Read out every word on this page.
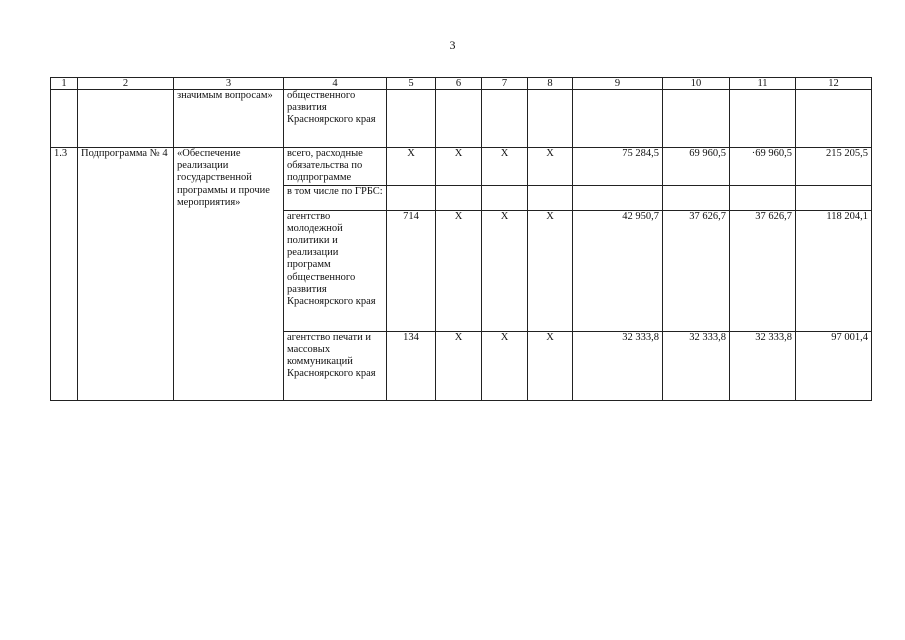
3
1	2	3	4	5	6	7	8	9	10	11	12
		значимым вопросам»	общественного развития Красноярского края								
1.3	Подпрограмма № 4	«Обеспечение реализации государственной программы и прочие мероприятия»	всего, расходные обязательства по подпрограмме	X	X	X	X	75 284,5	69 960,5	·69 960,5	215 205,5
			в том числе по ГРБС:								
			агентство молодежной политики и реализации программ общественного развития Красноярского края	714	X	X	X	42 950,7	37 626,7	37 626,7	118 204,1
			агентство печати и массовых коммуникаций Красноярского края	134	X	X	X	32 333,8	32 333,8	32 333,8	97 001,4
